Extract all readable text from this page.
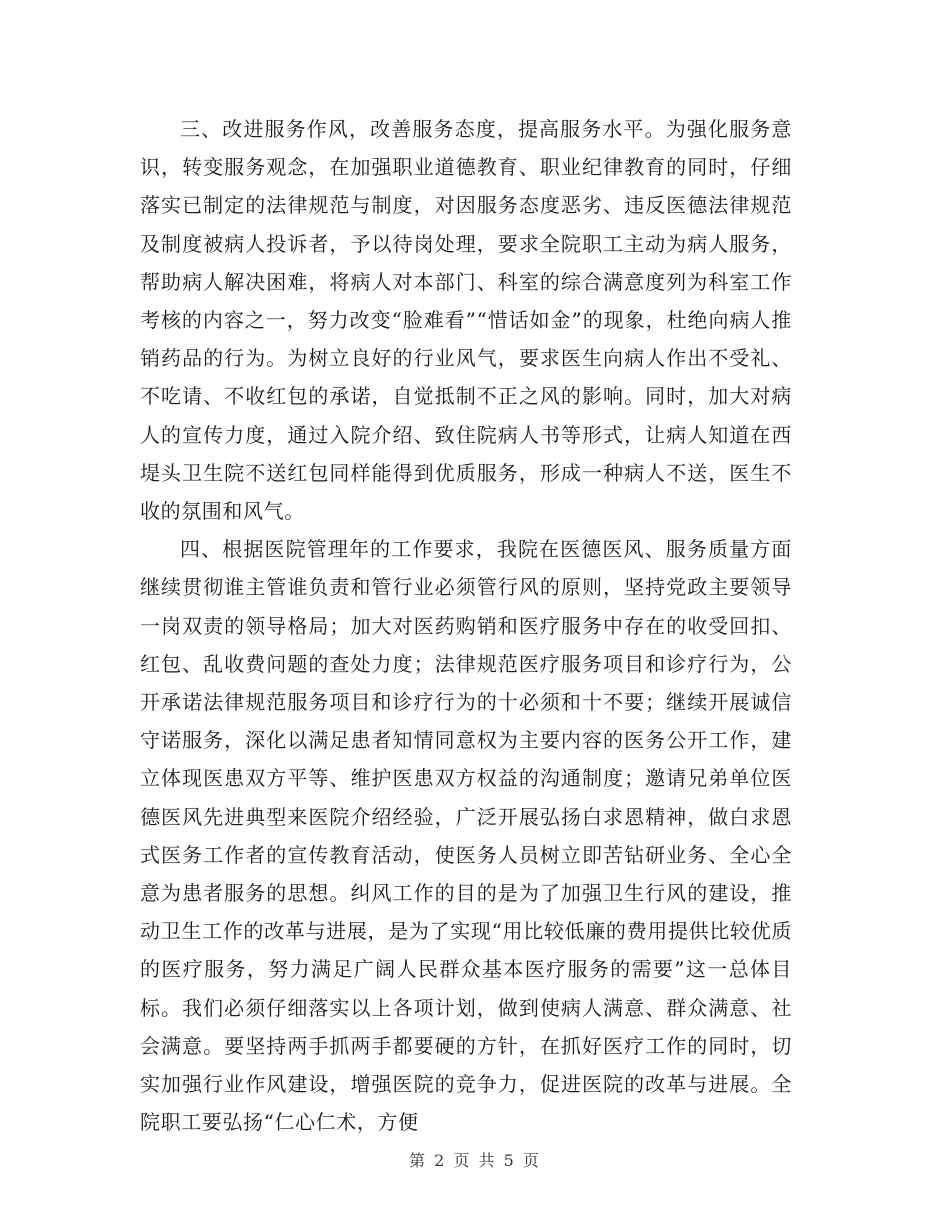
三、改进服务作风，改善服务态度，提高服务水平。为强化服务意识，转变服务观念，在加强职业道德教育、职业纪律教育的同时，仔细落实已制定的法律规范与制度，对因服务态度恶劣、违反医德法律规范及制度被病人投诉者，予以待岗处理，要求全院职工主动为病人服务，帮助病人解决困难，将病人对本部门、科室的综合满意度列为科室工作考核的内容之一，努力改变“脸难看”“惜话如金”的现象，杜绝向病人推销药品的行为。为树立良好的行业风气，要求医生向病人作出不受礼、不吃请、不收红包的承诺，自觉抵制不正之风的影响。同时，加大对病人的宣传力度，通过入院介绍、致住院病人书等形式，让病人知道在西堤头卫生院不送红包同样能得到优质服务，形成一种病人不送，医生不收的氛围和风气。

四、根据医院管理年的工作要求，我院在医德医风、服务质量方面继续贯彻谁主管谁负责和管行业必须管行风的原则，坚持党政主要领导一岗双责的领导格局；加大对医药购销和医疗服务中存在的收受回扣、红包、乱收费问题的查处力度；法律规范医疗服务项目和诊疗行为，公开承诺法律规范服务项目和诊疗行为的十必须和十不要；继续开展诚信守诺服务，深化以满足患者知情同意权为主要内容的医务公开工作，建立体现医患双方平等、维护医患双方权益的沟通制度；邀请兄弟单位医德医风先进典型来医院介绍经验，广泛开展弘扬白求恩精神，做白求恩式医务工作者的宣传教育活动，使医务人员树立即苦钻研业务、全心全意为患者服务的思想。纠风工作的目的是为了加强卫生行风的建设，推动卫生工作的改革与进展，是为了实现“用比较低廉的费用提供比较优质的医疗服务，努力满足广阔人民群众基本医疗服务的需要”这一总体目标。我们必须仔细落实以上各项计划，做到使病人满意、群众满意、社会满意。要坚持两手抓两手都要硬的方针，在抓好医疗工作的同时，切实加强行业作风建设，增强医院的竞争力，促进医院的改革与进展。全院职工要弘扬“仁心仁术，方便

第 2 页 共 5 页
